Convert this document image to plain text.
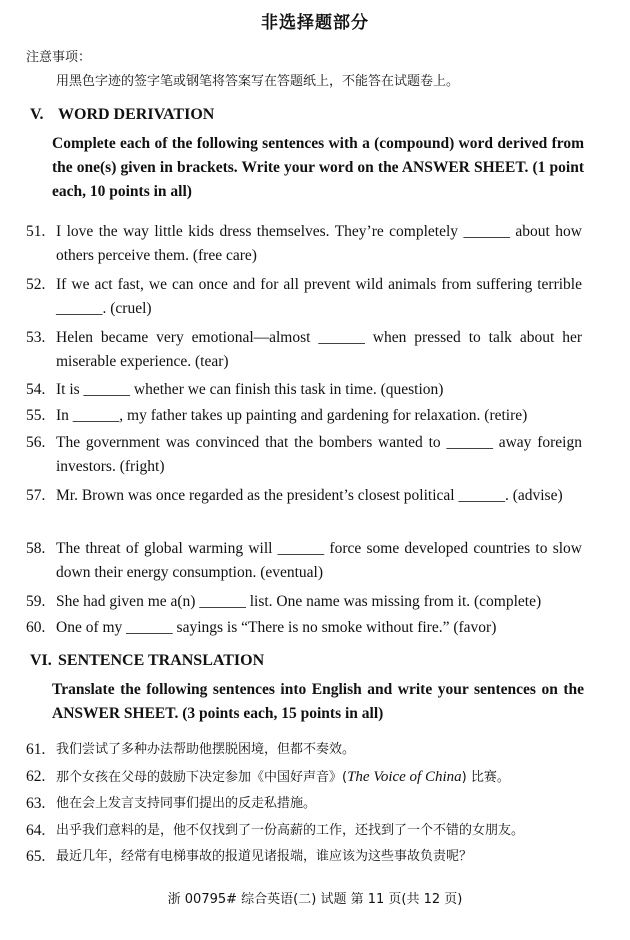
非选择题部分
注意事项：
用黑色字迹的签字笔或钢笔将答案写在答题纸上，不能答在试题卷上。
V. WORD DERIVATION
Complete each of the following sentences with a (compound) word derived from the one(s) given in brackets. Write your word on the ANSWER SHEET. (1 point each, 10 points in all)
51. I love the way little kids dress themselves. They’re completely ______ about how others perceive them. (free care)
52. If we act fast, we can once and for all prevent wild animals from suffering terrible ______. (cruel)
53. Helen became very emotional—almost ______ when pressed to talk about her miserable experience. (tear)
54. It is ______ whether we can finish this task in time. (question)
55. In ______, my father takes up painting and gardening for relaxation. (retire)
56. The government was convinced that the bombers wanted to ______ away foreign investors. (fright)
57. Mr. Brown was once regarded as the president’s closest political ______. (advise)
58. The threat of global warming will ______ force some developed countries to slow down their energy consumption. (eventual)
59. She had given me a(n) ______ list. One name was missing from it. (complete)
60. One of my ______ sayings is “There is no smoke without fire.” (favor)
VI. SENTENCE TRANSLATION
Translate the following sentences into English and write your sentences on the ANSWER SHEET. (3 points each, 15 points in all)
61. 我们尝试了多种办法帮助他摆脱困境，但都不奏效。
62. 那个女孩在父母的鼓励下决定参加《中国好声音》(The Voice of China) 比赛。
63. 他在会上发言支持同事们提出的反走私措施。
64. 出乎我们意料的是，他不仅找到了一份高薪的工作，还找到了一个不错的女朋友。
65. 最近几年，经常有电梯事故的报道见诸报端，谁应该为这些事故负责呢？
浙 00795# 综合英语(二) 试题 第 11 页(共 12 页)
